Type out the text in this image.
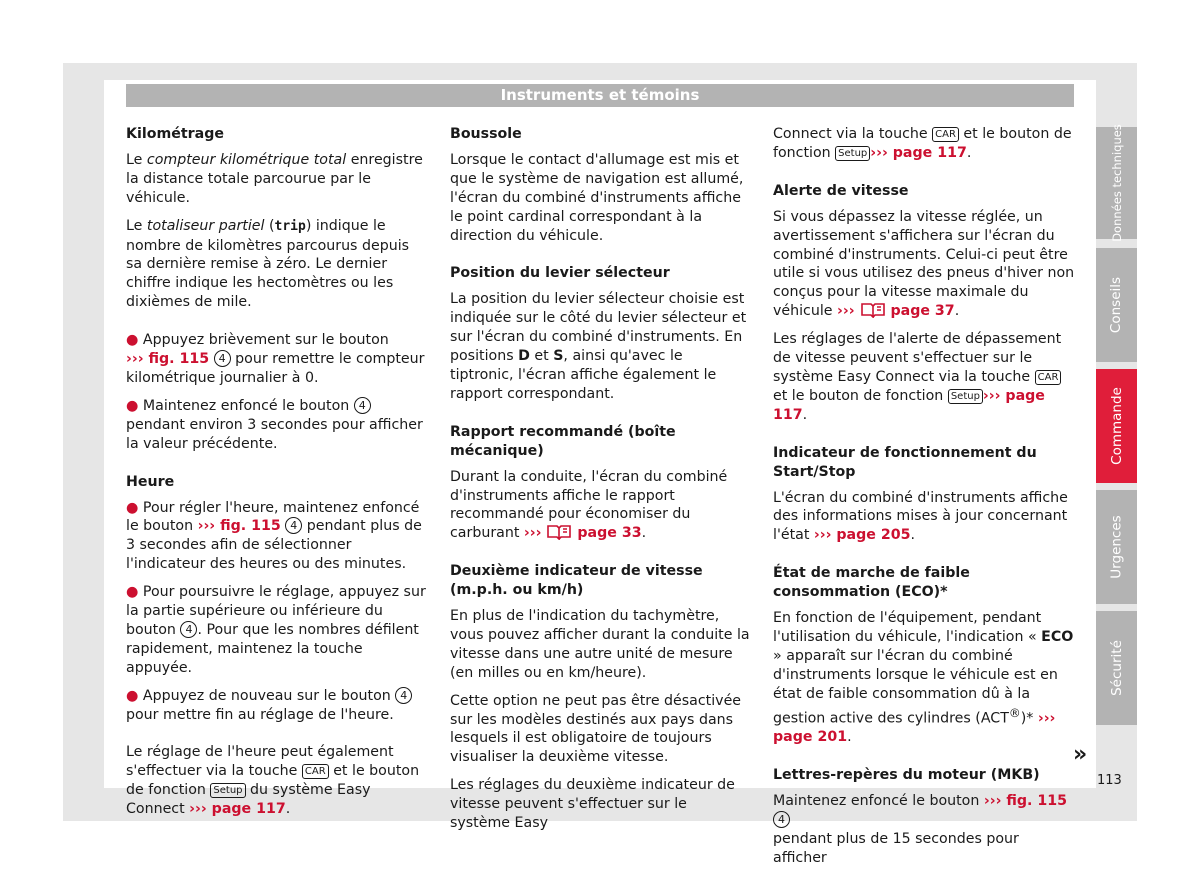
Instruments et témoins
Kilométrage
Le compteur kilométrique total enregistre la distance totale parcourue par le véhicule.
Le totaliseur partiel (trip) indique le nombre de kilomètres parcourus depuis sa dernière remise à zéro. Le dernier chiffre indique les hectomètres ou les dixièmes de mile.
● Appuyez brièvement sur le bouton
››› fig. 115 4 pour remettre le compteur kilométrique journalier à 0.
● Maintenez enfoncé le bouton 4 pendant environ 3 secondes pour afficher la valeur précédente.
Heure
● Pour régler l'heure, maintenez enfoncé le bouton ››› fig. 115 4 pendant plus de 3 secondes afin de sélectionner l'indicateur des heures ou des minutes.
● Pour poursuivre le réglage, appuyez sur la partie supérieure ou inférieure du bouton 4 . Pour que les nombres défilent rapidement, maintenez la touche appuyée.
● Appuyez de nouveau sur le bouton 4 pour mettre fin au réglage de l'heure.
Le réglage de l'heure peut également s'effectuer via la touche CAR et le bouton de fonction Setup du système Easy Connect ››› page 117.
Boussole
Lorsque le contact d'allumage est mis et que le système de navigation est allumé, l'écran du combiné d'instruments affiche le point cardinal correspondant à la direction du véhicule.
Position du levier sélecteur
La position du levier sélecteur choisie est indiquée sur le côté du levier sélecteur et sur l'écran du combiné d'instruments. En positions D et S, ainsi qu'avec le tiptronic, l'écran affiche également le rapport correspondant.
Rapport recommandé (boîte mécanique)
Durant la conduite, l'écran du combiné d'instruments affiche le rapport recommandé pour économiser du carburant ›››	page 33.
Deuxième indicateur de vitesse (m.p.h. ou km/h)
En plus de l'indication du tachymètre, vous pouvez afficher durant la conduite la vitesse dans une autre unité de mesure (en milles ou en km/heure).
Cette option ne peut pas être désactivée sur les modèles destinés aux pays dans lesquels il est obligatoire de toujours visualiser la deuxième vitesse.
Les réglages du deuxième indicateur de vitesse peuvent s'effectuer sur le système Easy
Connect via la touche CAR et le bouton de fonction Setup ››› page 117.
Alerte de vitesse
Si vous dépassez la vitesse réglée, un avertissement s'affichera sur l'écran du combiné d'instruments. Celui-ci peut être utile si vous utilisez des pneus d'hiver non conçus pour la vitesse maximale du véhicule ›››	page 37.
Les réglages de l'alerte de dépassement de vitesse peuvent s'effectuer sur le système Easy Connect via la touche CAR et le bouton de fonction Setup ››› page 117.
Indicateur de fonctionnement du Start/Stop
L'écran du combiné d'instruments affiche des informations mises à jour concernant l'état ››› page 205.
État de marche de faible consommation (ECO)*
En fonction de l'équipement, pendant l'utilisation du véhicule, l'indication « ECO » apparaît sur l'écran du combiné d'instruments lorsque le véhicule est en état de faible consommation dû à la gestion active des cylindres (ACT®)* ››› page 201.
Lettres-repères du moteur (MKB)
Maintenez enfoncé le bouton ››› fig. 115 4
pendant plus de 15 secondes pour afficher
»
Données techniques
Conseils
Commande
Urgences
Sécurité
113
